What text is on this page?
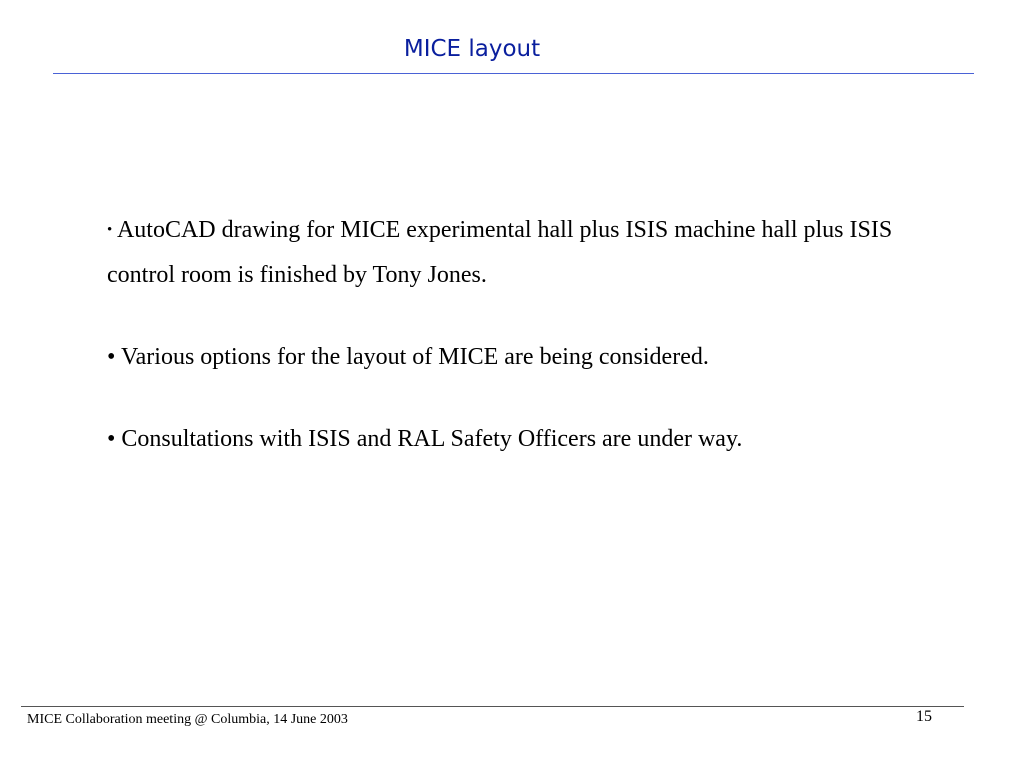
MICE layout

• AutoCAD drawing for MICE experimental hall plus ISIS machine hall plus ISIS control room is finished by Tony Jones.

• Various options for the layout of MICE are being considered.

• Consultations with ISIS and RAL Safety Officers are under way.

MICE Collaboration meeting @ Columbia, 14 June 2003	15
